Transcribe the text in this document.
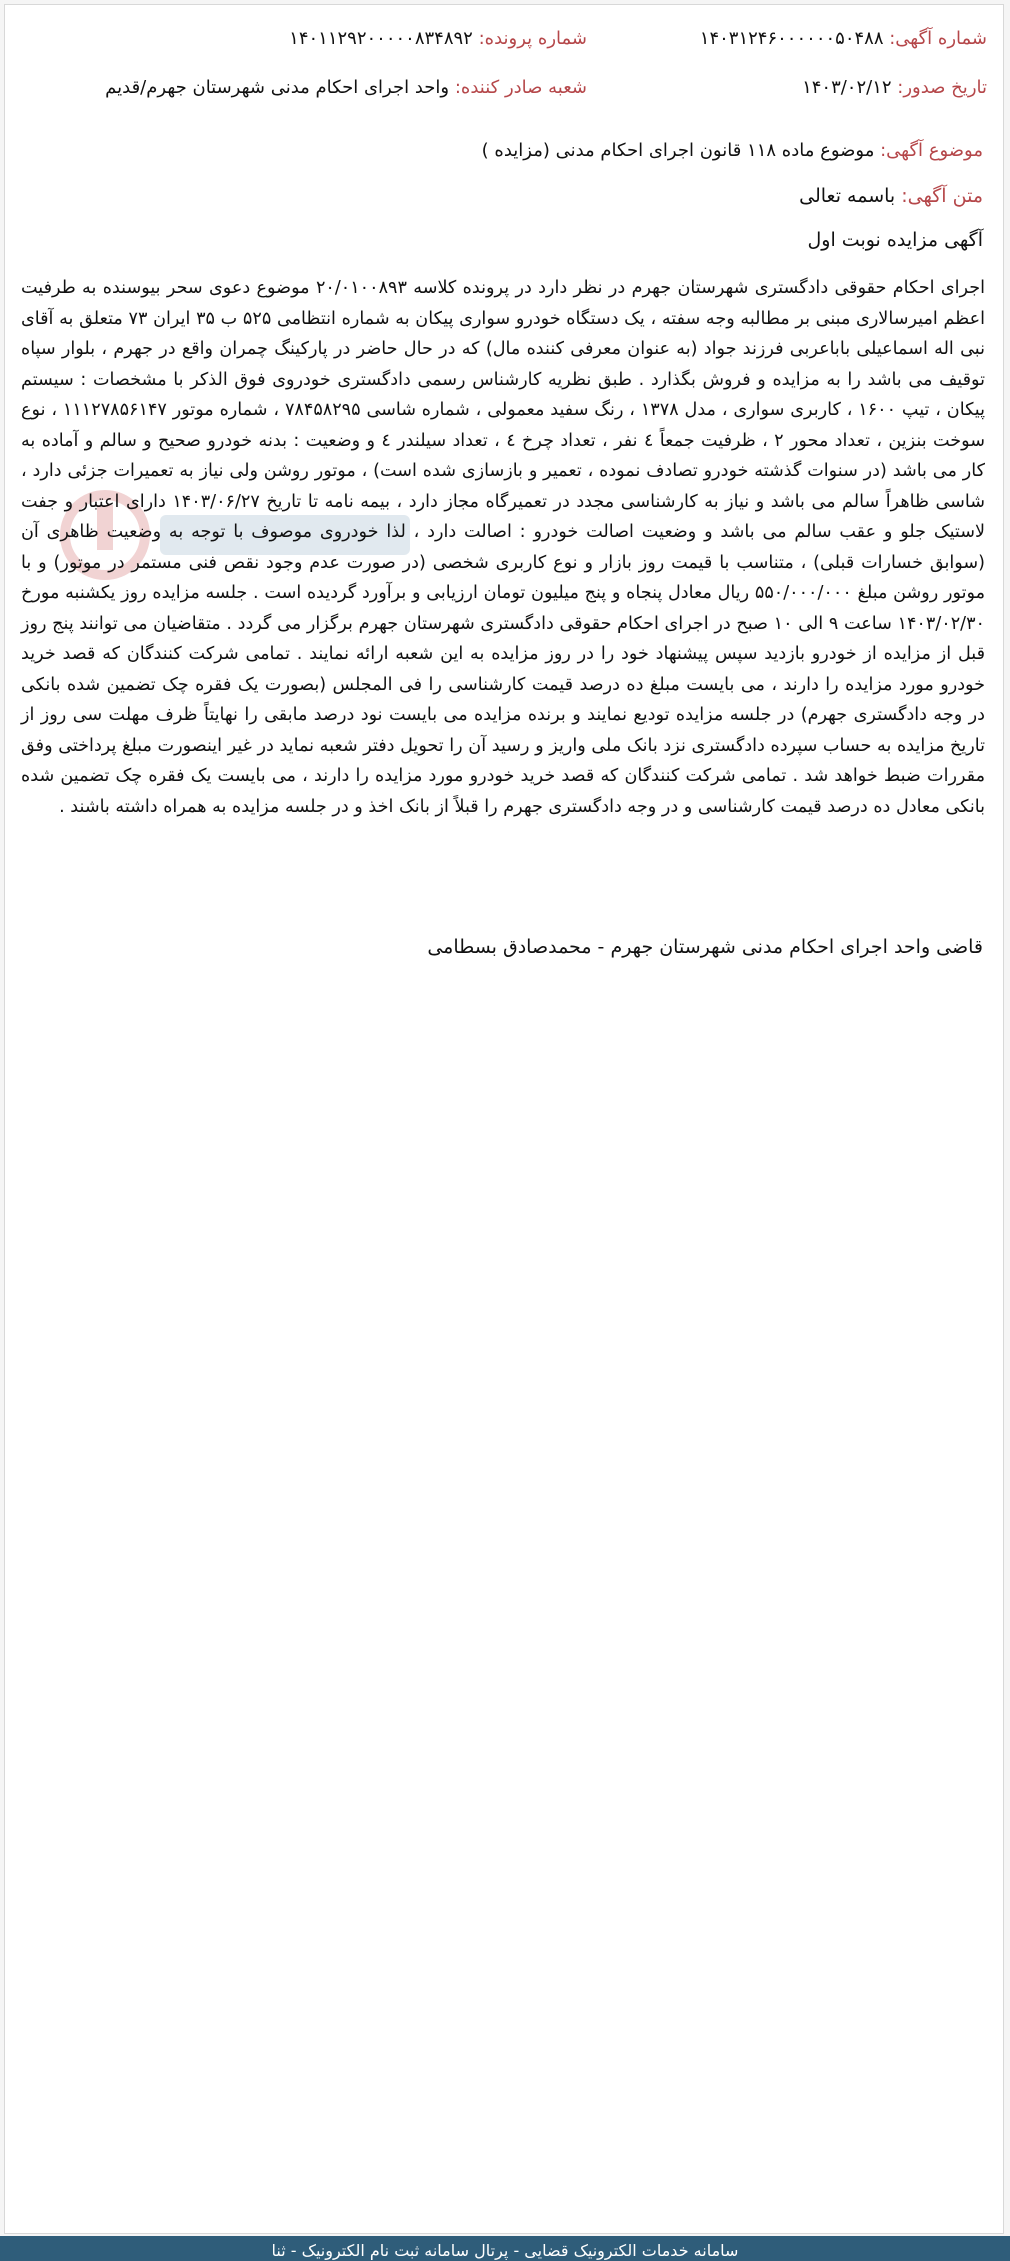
شماره آگهی: ۱۴۰۳۱۲۴۶۰۰۰۰۰۰۵۰۴۸۸
شماره پرونده: ۱۴۰۱۱۲۹۲۰۰۰۰۰۸۳۴۸۹۲
تاریخ صدور: ۱۴۰۳/۰۲/۱۲
شعبه صادر کننده: واحد اجرای احکام مدنی شهرستان جهرم/قدیم
موضوع آگهی: موضوع ماده ۱۱۸ قانون اجرای احکام مدنی (مزایده )
متن آگهی: باسمه تعالی
آگهی مزایده نوبت اول
اجرای احکام حقوقی دادگستری شهرستان جهرم در نظر دارد در پرونده کلاسه ۲۰/۰۱۰۰۸۹۳ موضوع دعوی سحر بیوسنده به طرفیت اعظم امیرسالاری مبنی بر مطالبه وجه سفته ، یک دستگاه خودرو سواری پیکان به شماره انتظامی ۵۲۵ ب ۳۵ ایران ۷۳ متعلق به آقای نبی اله اسماعیلی باباعربی فرزند جواد (به عنوان معرفی کننده مال) که در حال حاضر در پارکینگ چمران واقع در جهرم ، بلوار سپاه توقیف می باشد را به مزایده و فروش بگذارد . طبق نظریه کارشناس رسمی دادگستری خودروی فوق الذکر با مشخصات : سیستم پیکان ، تیپ ۱۶۰۰ ، کاربری سواری ، مدل ۱۳۷۸ ، رنگ سفید معمولی ، شماره شاسی ۷۸۴۵۸۲۹۵ ، شماره موتور ۱۱۱۲۷۸۵۶۱۴۷ ، نوع سوخت بنزین ، تعداد محور ۲ ، ظرفیت جمعاً ٤ نفر ، تعداد چرخ ٤ ، تعداد سیلندر ٤ و وضعیت : بدنه خودرو صحیح و سالم و آماده به کار می باشد (در سنوات گذشته خودرو تصادف نموده ، تعمیر و بازسازی شده است) ، موتور روشن ولی نیاز به تعمیرات جزئی دارد ، شاسی ظاهراً سالم می باشد و نیاز به کارشناسی مجدد در تعمیرگاه مجاز دارد ، بیمه نامه تا تاریخ ۱۴۰۳/۰۶/۲۷ دارای اعتبار و جفت لاستیک جلو و عقب سالم می باشد و وضعیت اصالت خودرو : اصالت دارد ، لذا خودروی موصوف با توجه به وضعیت ظاهری آن (سوابق خسارات قبلی) ، متناسب با قیمت روز بازار و نوع کاربری شخصی (در صورت عدم وجود نقص فنی مستمر در موتور) و با موتور روشن مبلغ ۵۵۰/۰۰۰/۰۰۰ ریال معادل پنجاه و پنج میلیون تومان ارزیابی و برآورد گردیده است . جلسه مزایده روز یکشنبه مورخ ۱۴۰۳/۰۲/۳۰ ساعت ۹ الی ۱۰ صبح در اجرای احکام حقوقی دادگستری شهرستان جهرم برگزار می گردد . متقاضیان می توانند پنج روز قبل از مزایده از خودرو بازدید سپس پیشنهاد خود را در روز مزایده به این شعبه ارائه نمایند . تمامی شرکت کنندگان که قصد خرید خودرو مورد مزایده را دارند ، می بایست مبلغ ده درصد قیمت کارشناسی را فی المجلس (بصورت یک فقره چک تضمین شده بانکی در وجه دادگستری جهرم) در جلسه مزایده تودیع نمایند و برنده مزایده می بایست نود درصد مابقی را نهایتاً ظرف مهلت سی روز از تاریخ مزایده به حساب سپرده دادگستری نزد بانک ملی واریز و رسید آن را تحویل دفتر شعبه نماید در غیر اینصورت مبلغ پرداختی وفق مقررات ضبط خواهد شد . تمامی شرکت کنندگان که قصد خرید خودرو مورد مزایده را دارند ، می بایست یک فقره چک تضمین شده بانکی معادل ده درصد قیمت کارشناسی و در وجه دادگستری جهرم را قبلاً از بانک اخذ و در جلسه مزایده به همراه داشته باشند .
قاضی واحد اجرای احکام مدنی شهرستان جهرم - محمدصادق بسطامی
سامانه خدمات الکترونیک قضایی - پرتال سامانه ثبت نام الکترونیک - ثنا
